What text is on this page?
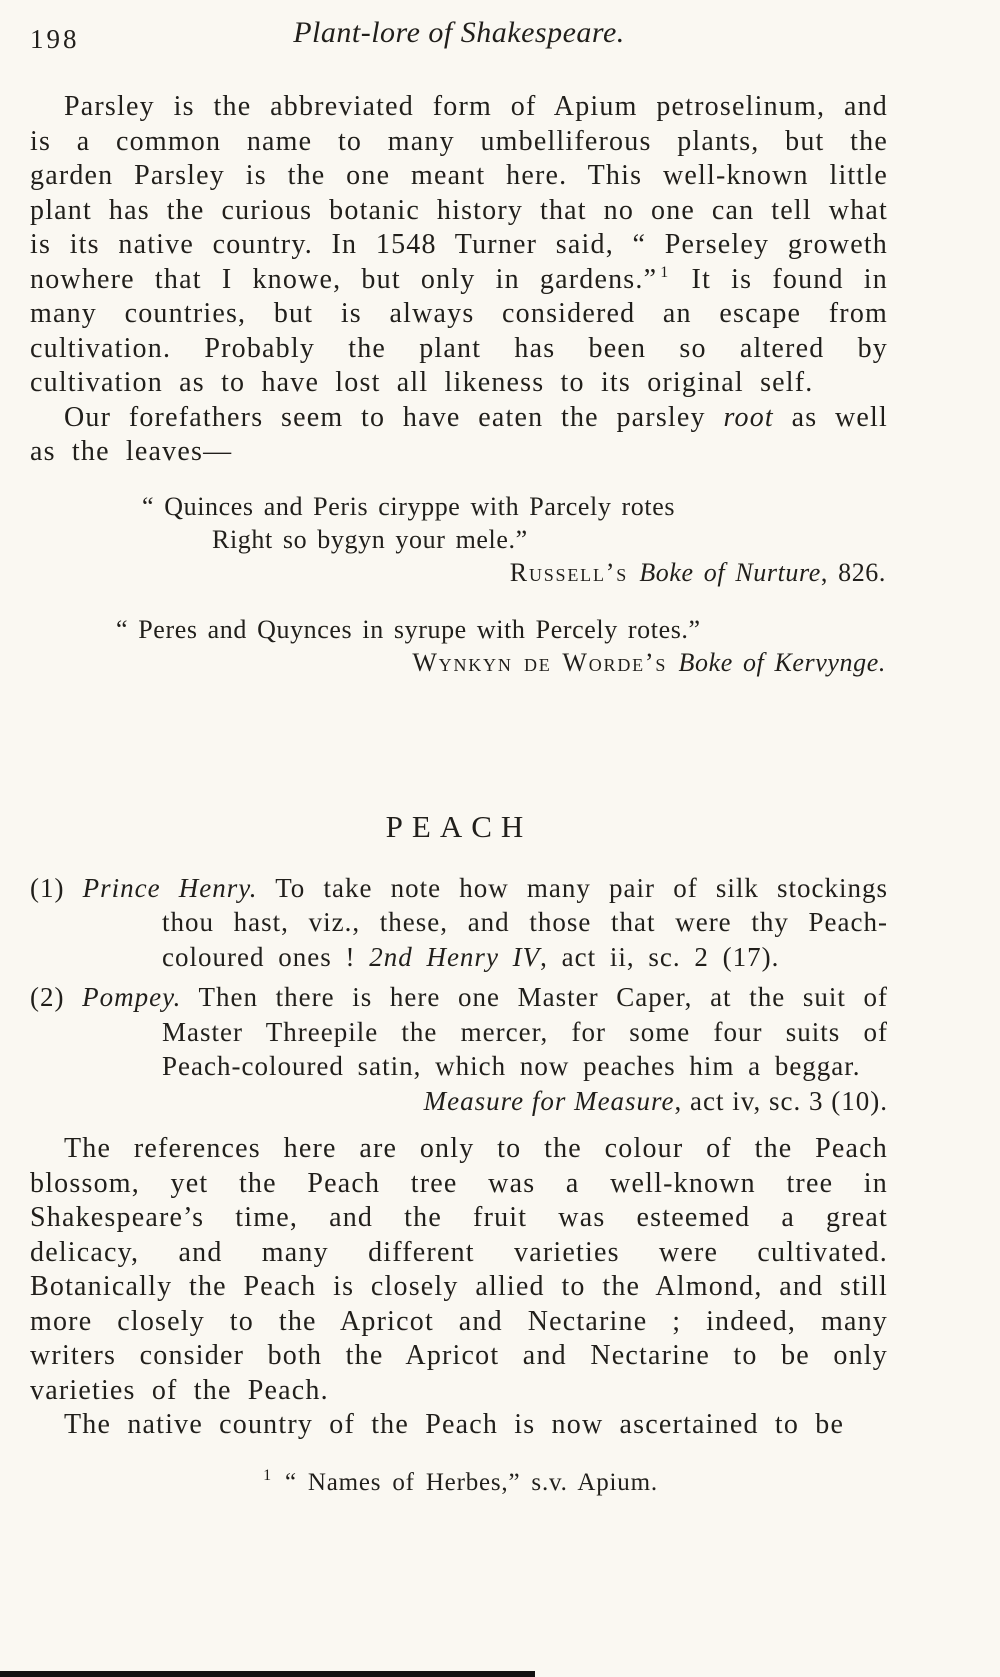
198	Plant-lore of Shakespeare.

Parsley is the abbreviated form of Apium petroselinum, and is a common name to many umbelliferous plants, but the garden Parsley is the one meant here. This well-known little plant has the curious botanic history that no one can tell what is its native country. In 1548 Turner said, “ Perseley groweth nowhere that I knowe, but only in gardens.” $^1$ It is found in many countries, but is always considered an escape from cultivation. Probably the plant has been so altered by cultivation as to have lost all likeness to its original self.

Our forefathers seem to have eaten the parsley root as well as the leaves—

“ Quinces and Peris ciryppe with Parcely rotes
Right so bygyn your mele.”
Russell’s Boke of Nurture, 826.
“ Peres and Quynces in syrupe with Percely rotes.”
Wynkyn de Worde’s Boke of Kervynge.
PEACH
(1) Prince Henry. To take note how many pair of silk stockings thou hast, viz., these, and those that were thy Peach-coloured ones ! 2nd Henry IV, act ii, sc. 2 (17).
(2) Pompey. Then there is here one Master Caper, at the suit of Master Threepile the mercer, for some four suits of Peach-coloured satin, which now peaches him a beggar.
Measure for Measure, act iv, sc. 3 (10).

The references here are only to the colour of the Peach blossom, yet the Peach tree was a well-known tree in Shakespeare’s time, and the fruit was esteemed a great delicacy, and many different varieties were cultivated. Botanically the Peach is closely allied to the Almond, and still more closely to the Apricot and Nectarine ; indeed, many writers consider both the Apricot and Nectarine to be only varieties of the Peach.

The native country of the Peach is now ascertained to be

$^1$ “ Names of Herbes,” s.v. Apium.
